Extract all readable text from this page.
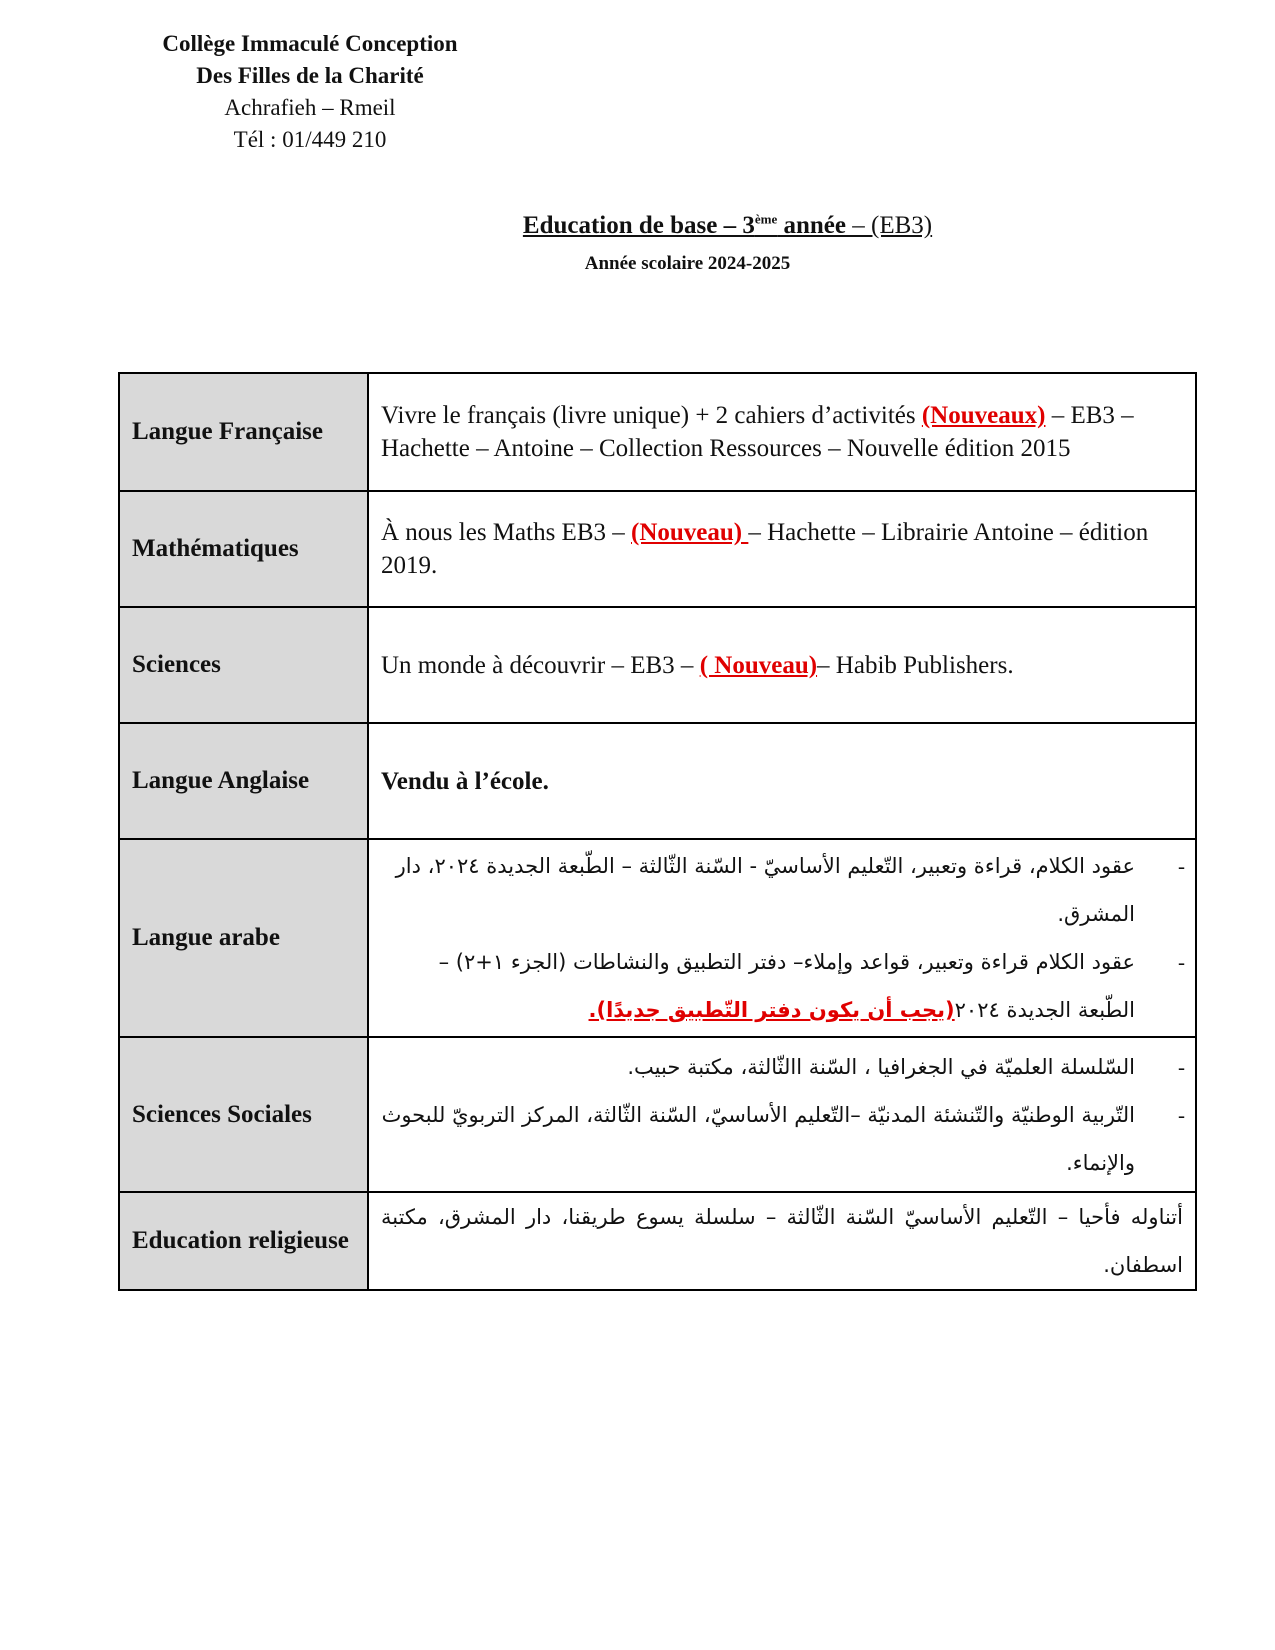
Collège Immaculé Conception
Des Filles de la Charité
Achrafieh – Rmeil
Tél : 01/449 210
Education de base – 3ème année – (EB3)
Année scolaire 2024-2025
Langue Française	Vivre le français (livre unique) + 2 cahiers d’activités (Nouveaux) – EB3 – Hachette – Antoine – Collection Ressources – Nouvelle édition 2015
Mathématiques	À nous les Maths EB3 – (Nouveau) – Hachette – Librairie Antoine – édition 2019.
Sciences	Un monde à découvrir – EB3 – ( Nouveau)– Habib Publishers.
Langue Anglaise	Vendu à l’école.
Langue arabe	- عقود الكلام، قراءة وتعبير، التّعليم الأساسيّ - السّنة الثّالثة – الطّبعة الجديدة ٢٠٢٤، دار المشرق.
- عقود الكلام قراءة وتعبير، قواعد وإملاء– دفتر التطبيق والنشاطات (الجزء ١+٢) – الطّبعة الجديدة ٢٠٢٤(يجب أن يكون دفتر التّطبيق جديدًا).

Sciences Sociales	- السّلسلة العلميّة في الجغرافيا ، السّنة االثّالثة، مكتبة حبيب.
- التّربية الوطنيّة والتّنشئة المدنيّة –التّعليم الأساسيّ، السّنة الثّالثة، المركز التربويّ للبحوث والإنماء.

Education religieuse	أتناوله فأحيا – التّعليم الأساسيّ السّنة الثّالثة – سلسلة يسوع طريقنا، دار المشرق، مكتبة اسطفان.
